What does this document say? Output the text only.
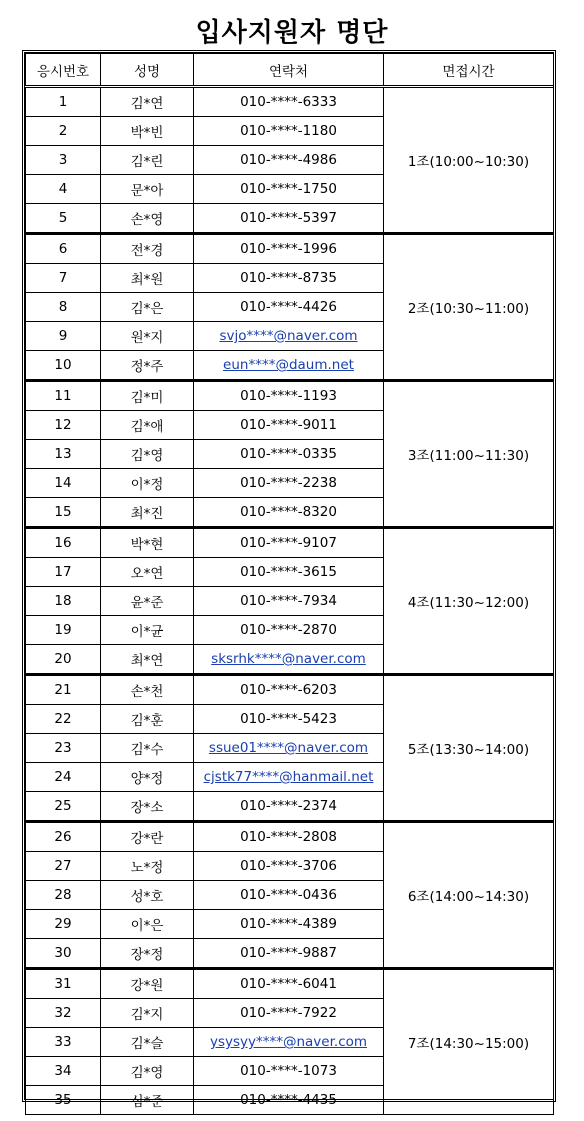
입사지원자 명단
응시번호	성명	연락처	면접시간
1	김*연	010-****-6333	1조(10:00~10:30)
2	박*빈	010-****-1180	
3	김*린	010-****-4986	
4	문*아	010-****-1750	
5	손*영	010-****-5397	
6	전*경	010-****-1996	2조(10:30~11:00)
7	최*원	010-****-8735	
8	김*은	010-****-4426	
9	원*지	svjo****@naver.com	
10	정*주	eun****@daum.net	
11	김*미	010-****-1193	3조(11:00~11:30)
12	김*애	010-****-9011	
13	김*영	010-****-0335	
14	이*정	010-****-2238	
15	최*진	010-****-8320	
16	박*현	010-****-9107	4조(11:30~12:00)
17	오*연	010-****-3615	
18	윤*준	010-****-7934	
19	이*균	010-****-2870	
20	최*연	sksrhk****@naver.com	
21	손*천	010-****-6203	5조(13:30~14:00)
22	김*훈	010-****-5423	
23	김*수	ssue01****@naver.com	
24	양*정	cjstk77****@hanmail.net	
25	장*소	010-****-2374	
26	강*란	010-****-2808	6조(14:00~14:30)
27	노*정	010-****-3706	
28	성*호	010-****-0436	
29	이*은	010-****-4389	
30	장*정	010-****-9887	
31	강*원	010-****-6041	7조(14:30~15:00)
32	김*지	010-****-7922	
33	김*슬	ysysyy****@naver.com	
34	김*영	010-****-1073	
35	심*준	010-****-4435	
